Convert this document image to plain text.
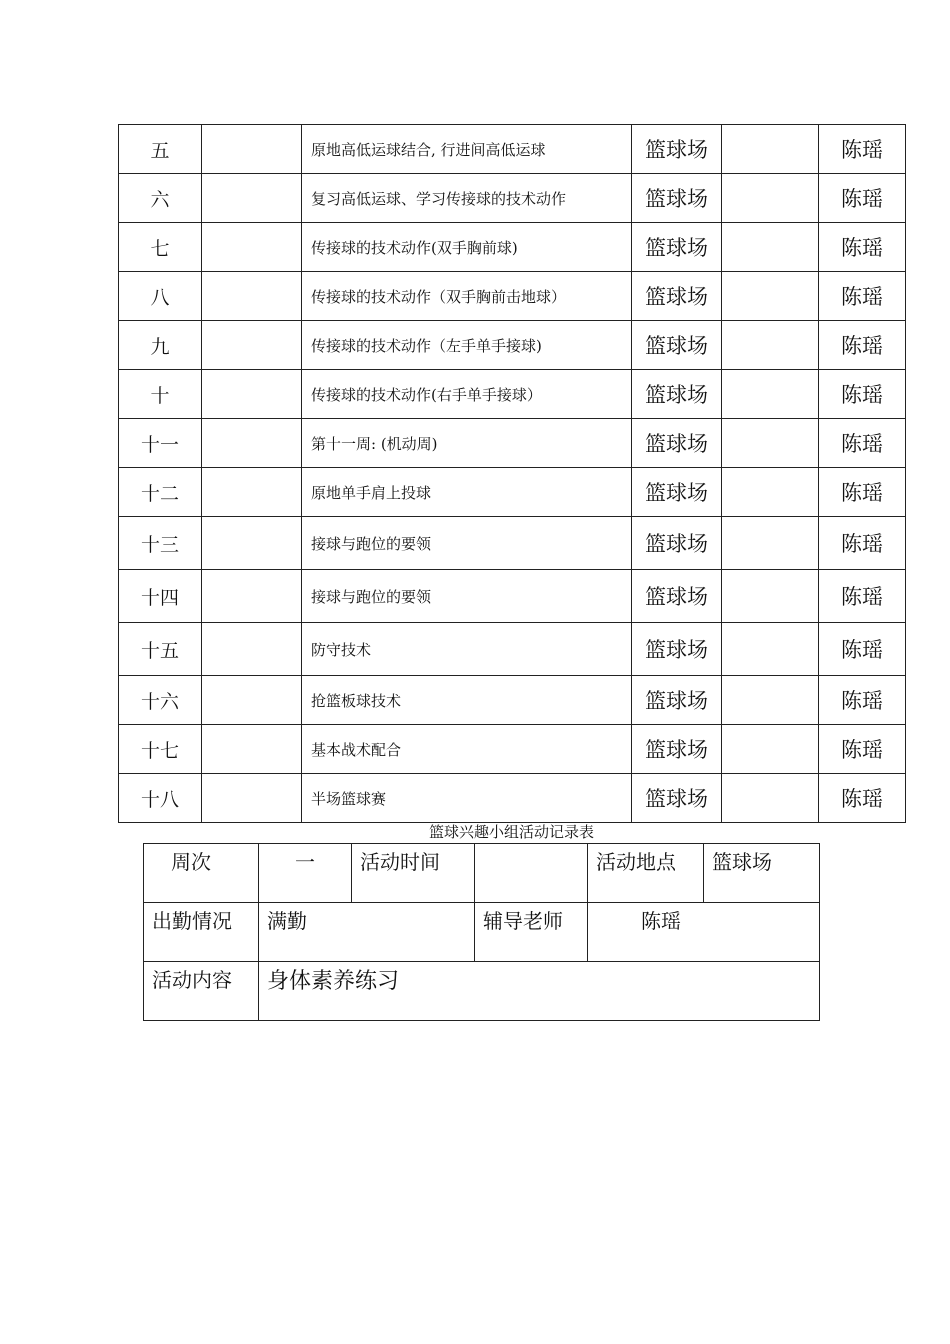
五		原地高低运球结合, 行进间高低运球	篮球场		陈瑶
六		复习高低运球、学习传接球的技术动作	篮球场		陈瑶
七		传接球的技术动作(双手胸前球)	篮球场		陈瑶
八		传接球的技术动作（双手胸前击地球）	篮球场		陈瑶
九		传接球的技术动作（左手单手接球)	篮球场		陈瑶
十		传接球的技术动作(右手单手接球）	篮球场		陈瑶
十一		第十一周: (机动周)	篮球场		陈瑶
十二		原地单手肩上投球	篮球场		陈瑶
十三		接球与跑位的要领	篮球场		陈瑶
十四		接球与跑位的要领	篮球场		陈瑶
十五		防守技术	篮球场		陈瑶
十六		抢篮板球技术	篮球场		陈瑶
十七		基本战术配合	篮球场		陈瑶
十八		半场篮球赛	篮球场		陈瑶
篮球兴趣小组活动记录表
周次	一	活动时间		活动地点	篮球场
出勤情况	满勤		辅导老师	陈瑶	
活动内容	身体素养练习				
